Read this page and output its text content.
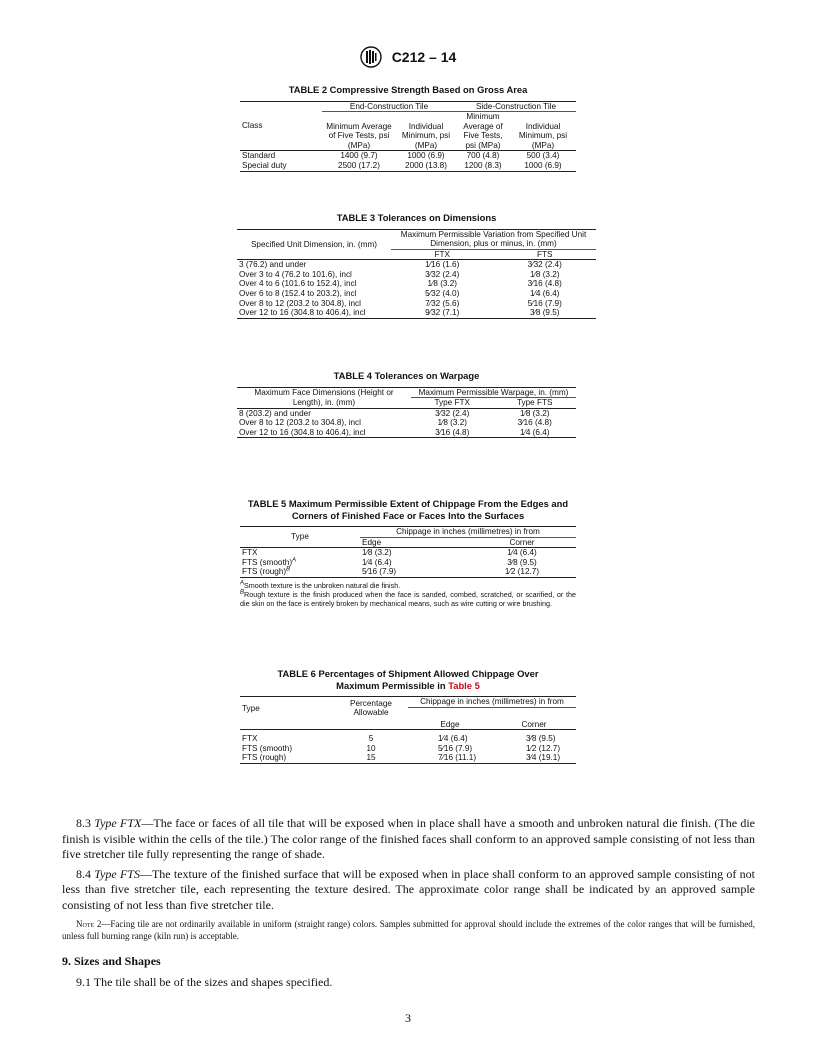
C212 – 14
TABLE 2 Compressive Strength Based on Gross Area
Class	End-Construction Tile		Side-Construction Tile	
	Minimum Average of Five Tests, psi (MPa)	Individual Minimum, psi (MPa)	Minimum Average of Five Tests, psi (MPa)	Individual Minimum, psi (MPa)
Standard	1400 (9.7)	1000 (6.9)	700 (4.8)	500 (3.4)
Special duty	2500 (17.2)	2000 (13.8)	1200 (8.3)	1000 (6.9)
TABLE 3 Tolerances on Dimensions
Specified Unit Dimension, in. (mm)	Maximum Permissible Variation from Specified Unit Dimension, plus or minus, in. (mm)	
	FTX	FTS
3 (76.2) and under	1⁄16 (1.6)	3⁄32 (2.4)
Over 3 to 4 (76.2 to 101.6), incl	3⁄32 (2.4)	1⁄8 (3.2)
Over 4 to 6 (101.6 to 152.4), incl	1⁄8 (3.2)	3⁄16 (4.8)
Over 6 to 8 (152.4 to 203.2), incl	5⁄32 (4.0)	1⁄4 (6.4)
Over 8 to 12 (203.2 to 304.8), incl	7⁄32 (5.6)	5⁄16 (7.9)
Over 12 to 16 (304.8 to 406.4), incl	9⁄32 (7.1)	3⁄8 (9.5)
TABLE 4 Tolerances on Warpage
Maximum Face Dimensions (Height or Length), in. (mm)	Maximum Permissible Warpage, in. (mm)	
	Type FTX	Type FTS
8 (203.2) and under	3⁄32 (2.4)	1⁄8 (3.2)
Over 8 to 12 (203.2 to 304.8), incl	1⁄8 (3.2)	3⁄16 (4.8)
Over 12 to 16 (304.8 to 406.4), incl	3⁄16 (4.8)	1⁄4 (6.4)
TABLE 5 Maximum Permissible Extent of Chippage From the Edges and Corners of Finished Face or Faces Into the Surfaces
Type	Chippage in inches (millimetres) in from	
	Edge	Corner
FTX	1⁄8 (3.2)	1⁄4 (6.4)
FTS (smooth)$^A$	1⁄4 (6.4)	3⁄8 (9.5)
FTS (rough)$^B$	5⁄16 (7.9)	1⁄2 (12.7)
$^A$Smooth texture is the unbroken natural die finish.
$^B$Rough texture is the finish produced when the face is sanded, combed, scratched, or scarified, or the die skin on the face is entirely broken by mechanical means, such as wire cutting or wire brushing.
TABLE 6 Percentages of Shipment Allowed Chippage Over
Maximum Permissible in Table 5
Type	Percentage Allowable	Chippage in inches (millimetres) in from	

		Edge	Corner

FTX	5	1⁄4 (6.4)	3⁄8 (9.5)
FTS (smooth)	10	5⁄16 (7.9)	1⁄2 (12.7)
FTS (rough)	15	7⁄16 (11.1)	3⁄4 (19.1)

8.3 Type FTX—The face or faces of all tile that will be exposed when in place shall have a smooth and unbroken natural die finish. (The die finish is visible within the cells of the tile.) The color range of the finished faces shall conform to an approved sample consisting of not less than five stretcher tile fully representing the range of shade.

8.4 Type FTS—The texture of the finished surface that will be exposed when in place shall conform to an approved sample consisting of not less than five stretcher tile, each representing the texture desired. The approximate color range shall be indicated by an approved sample consisting of not less than five stretcher tile.

Note 2—Facing tile are not ordinarily available in uniform (straight range) colors. Samples submitted for approval should include the extremes of the color ranges that will be furnished, unless full burning range (kiln run) is acceptable.

9. Sizes and Shapes

9.1 The tile shall be of the sizes and shapes specified.

3
